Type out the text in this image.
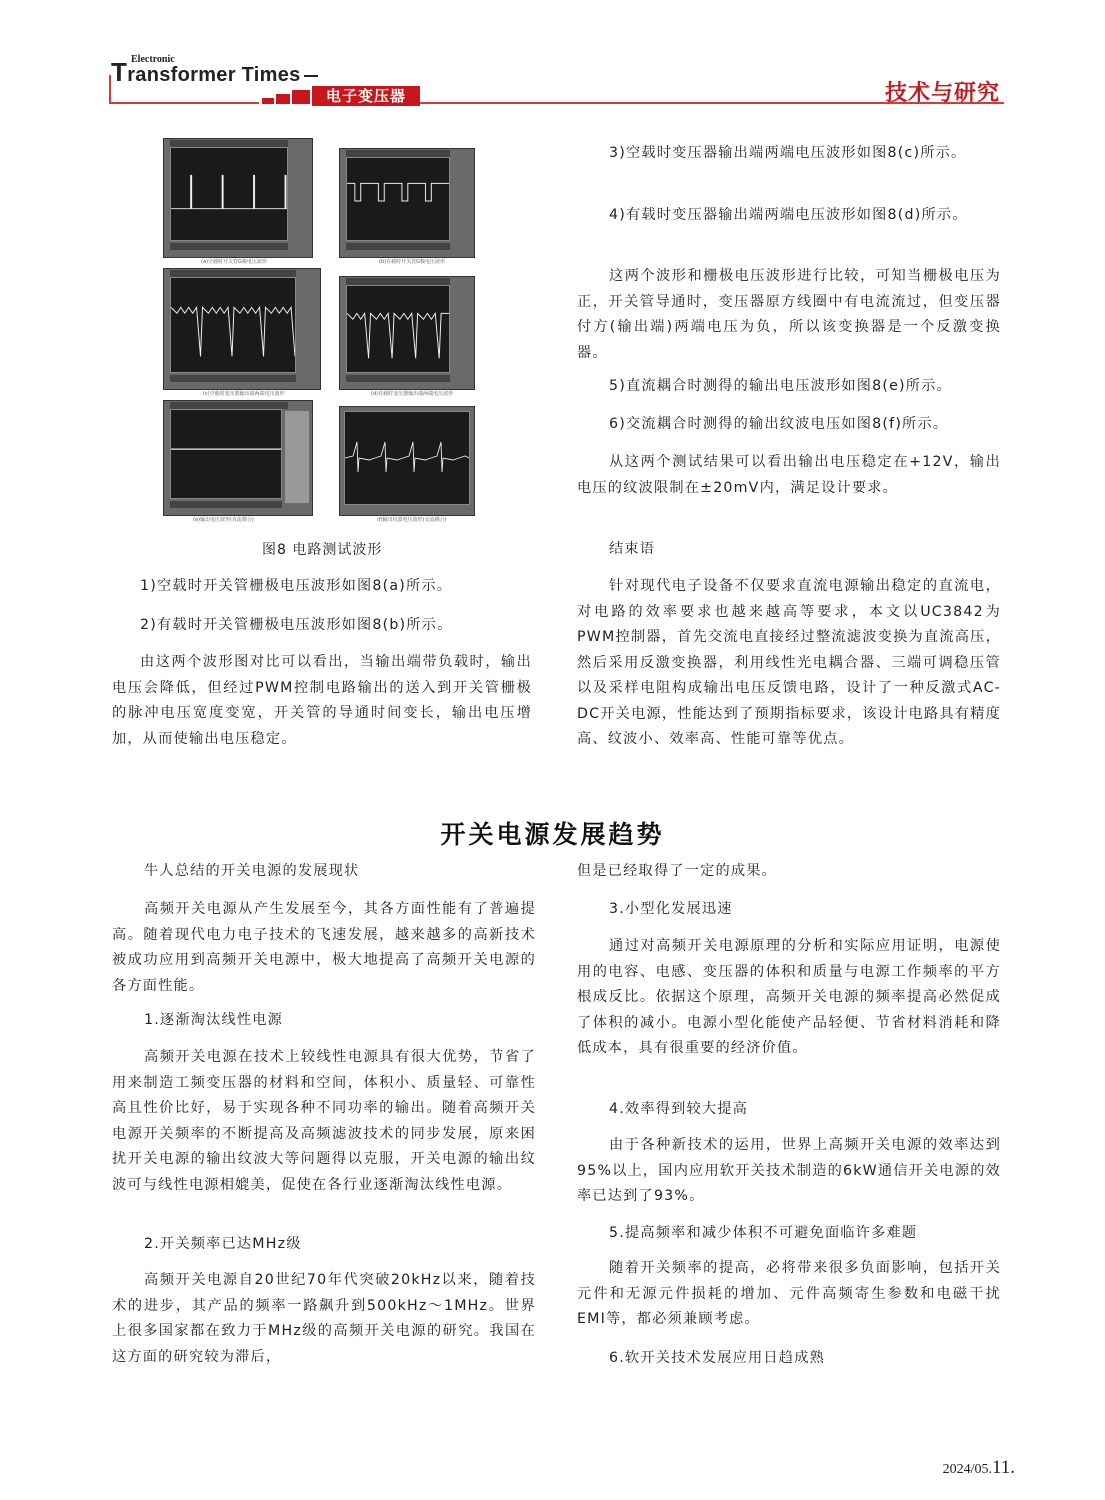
Electronic
Transformer Times
电子变压器	技术与研究
(a)空载时开关管G极电压波形	(b)有载时开关管G极电压波形
(c)空载时变压器输出端两端电压波形	(d)有载时变压器输出端两端电压波形
(e)输出电压波形(直流耦合)	(f)输出纹波电压波形(交流耦合)
图8 电路测试波形
1)空载时开关管栅极电压波形如图8(a)所示。
2)有载时开关管栅极电压波形如图8(b)所示。
由这两个波形图对比可以看出，当输出端带负载时，输出电压会降低，但经过PWM控制电路输出的送入到开关管栅极的脉冲电压宽度变宽，开关管的导通时间变长，输出电压增加，从而使输出电压稳定。
3)空载时变压器输出端两端电压波形如图8(c)所示。
4)有载时变压器输出端两端电压波形如图8(d)所示。
这两个波形和栅极电压波形进行比较，可知当栅极电压为正，开关管导通时，变压器原方线圈中有电流流过，但变压器付方(输出端)两端电压为负，所以该变换器是一个反激变换器。
5)直流耦合时测得的输出电压波形如图8(e)所示。
6)交流耦合时测得的输出纹波电压如图8(f)所示。
从这两个测试结果可以看出输出电压稳定在+12V，输出电压的纹波限制在±20mV内，满足设计要求。
结束语
针对现代电子设备不仅要求直流电源输出稳定的直流电，对电路的效率要求也越来越高等要求，本文以UC3842为PWM控制器，首先交流电直接经过整流滤波变换为直流高压，然后采用反激变换器，利用线性光电耦合器、三端可调稳压管以及采样电阻构成输出电压反馈电路，设计了一种反激式AC-DC开关电源，性能达到了预期指标要求，该设计电路具有精度高、纹波小、效率高、性能可靠等优点。
开关电源发展趋势
牛人总结的开关电源的发展现状
高频开关电源从产生发展至今，其各方面性能有了普遍提高。随着现代电力电子技术的飞速发展，越来越多的高新技术被成功应用到高频开关电源中，极大地提高了高频开关电源的各方面性能。
1.逐渐淘汰线性电源
高频开关电源在技术上较线性电源具有很大优势，节省了用来制造工频变压器的材料和空间，体积小、质量轻、可靠性高且性价比好，易于实现各种不同功率的输出。随着高频开关电源开关频率的不断提高及高频滤波技术的同步发展，原来困扰开关电源的输出纹波大等问题得以克服，开关电源的输出纹波可与线性电源相媲美，促使在各行业逐渐淘汰线性电源。
2.开关频率已达MHz级
高频开关电源自20世纪70年代突破20kHz以来，随着技术的进步，其产品的频率一路飙升到500kHz～1MHz。世界上很多国家都在致力于MHz级的高频开关电源的研究。我国在这方面的研究较为滞后，
但是已经取得了一定的成果。
3.小型化发展迅速
通过对高频开关电源原理的分析和实际应用证明，电源使用的电容、电感、变压器的体积和质量与电源工作频率的平方根成反比。依据这个原理，高频开关电源的频率提高必然促成了体积的减小。电源小型化能使产品轻便、节省材料消耗和降低成本，具有很重要的经济价值。
4.效率得到较大提高
由于各种新技术的运用，世界上高频开关电源的效率达到95%以上，国内应用软开关技术制造的6kW通信开关电源的效率已达到了93%。
5.提高频率和减少体积不可避免面临许多难题
随着开关频率的提高，必将带来很多负面影响，包括开关元件和无源元件损耗的增加、元件高频寄生参数和电磁干扰EMI等，都必须兼顾考虑。
6.软开关技术发展应用日趋成熟
2024/05.11.
